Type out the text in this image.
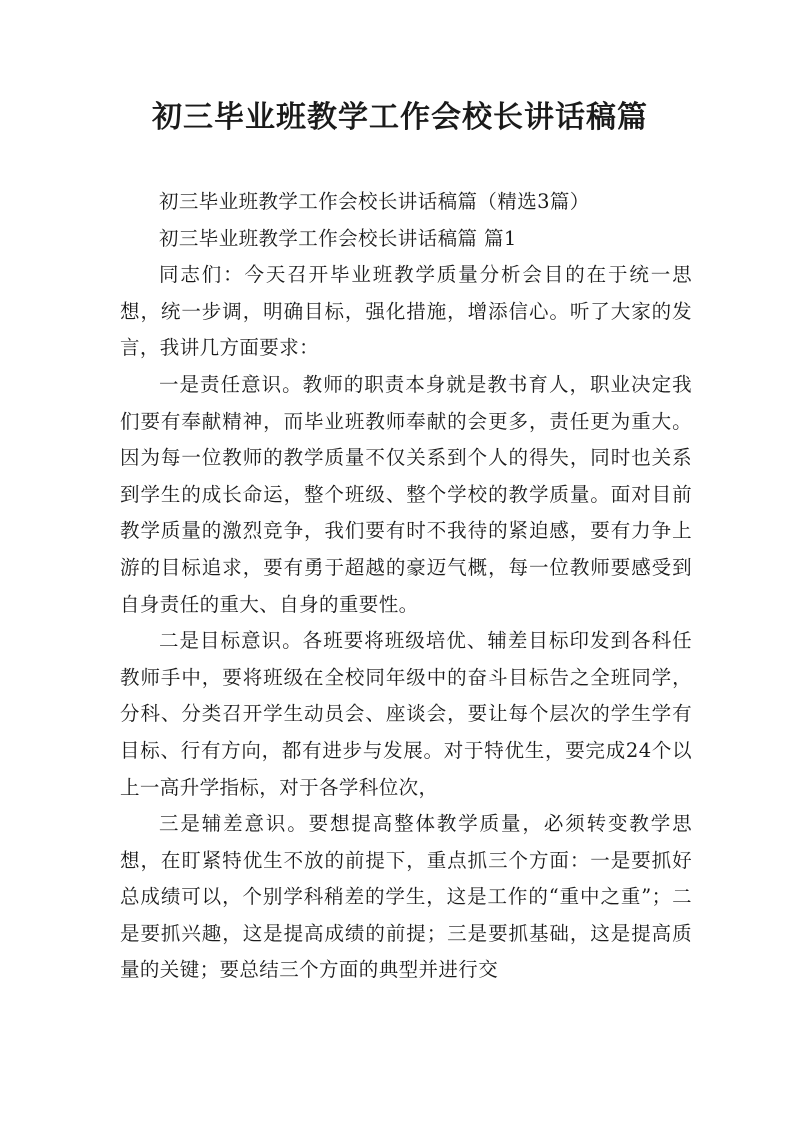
初三毕业班教学工作会校长讲话稿篇

初三毕业班教学工作会校长讲话稿篇（精选3篇）

初三毕业班教学工作会校长讲话稿篇 篇1

同志们：今天召开毕业班教学质量分析会目的在于统一思想，统一步调，明确目标，强化措施，增添信心。听了大家的发言，我讲几方面要求：

一是责任意识。教师的职责本身就是教书育人，职业决定我们要有奉献精神，而毕业班教师奉献的会更多，责任更为重大。因为每一位教师的教学质量不仅关系到个人的得失，同时也关系到学生的成长命运，整个班级、整个学校的教学质量。面对目前教学质量的激烈竞争，我们要有时不我待的紧迫感，要有力争上游的目标追求，要有勇于超越的豪迈气概，每一位教师要感受到自身责任的重大、自身的重要性。

二是目标意识。各班要将班级培优、辅差目标印发到各科任教师手中，要将班级在全校同年级中的奋斗目标告之全班同学，分科、分类召开学生动员会、座谈会，要让每个层次的学生学有目标、行有方向，都有进步与发展。对于特优生，要完成24个以上一高升学指标，对于各学科位次，

三是辅差意识。要想提高整体教学质量，必须转变教学思想，在盯紧特优生不放的前提下，重点抓三个方面：一是要抓好总成绩可以，个别学科稍差的学生，这是工作的“重中之重”；二是要抓兴趣，这是提高成绩的前提；三是要抓基础，这是提高质量的关键；要总结三个方面的典型并进行交
